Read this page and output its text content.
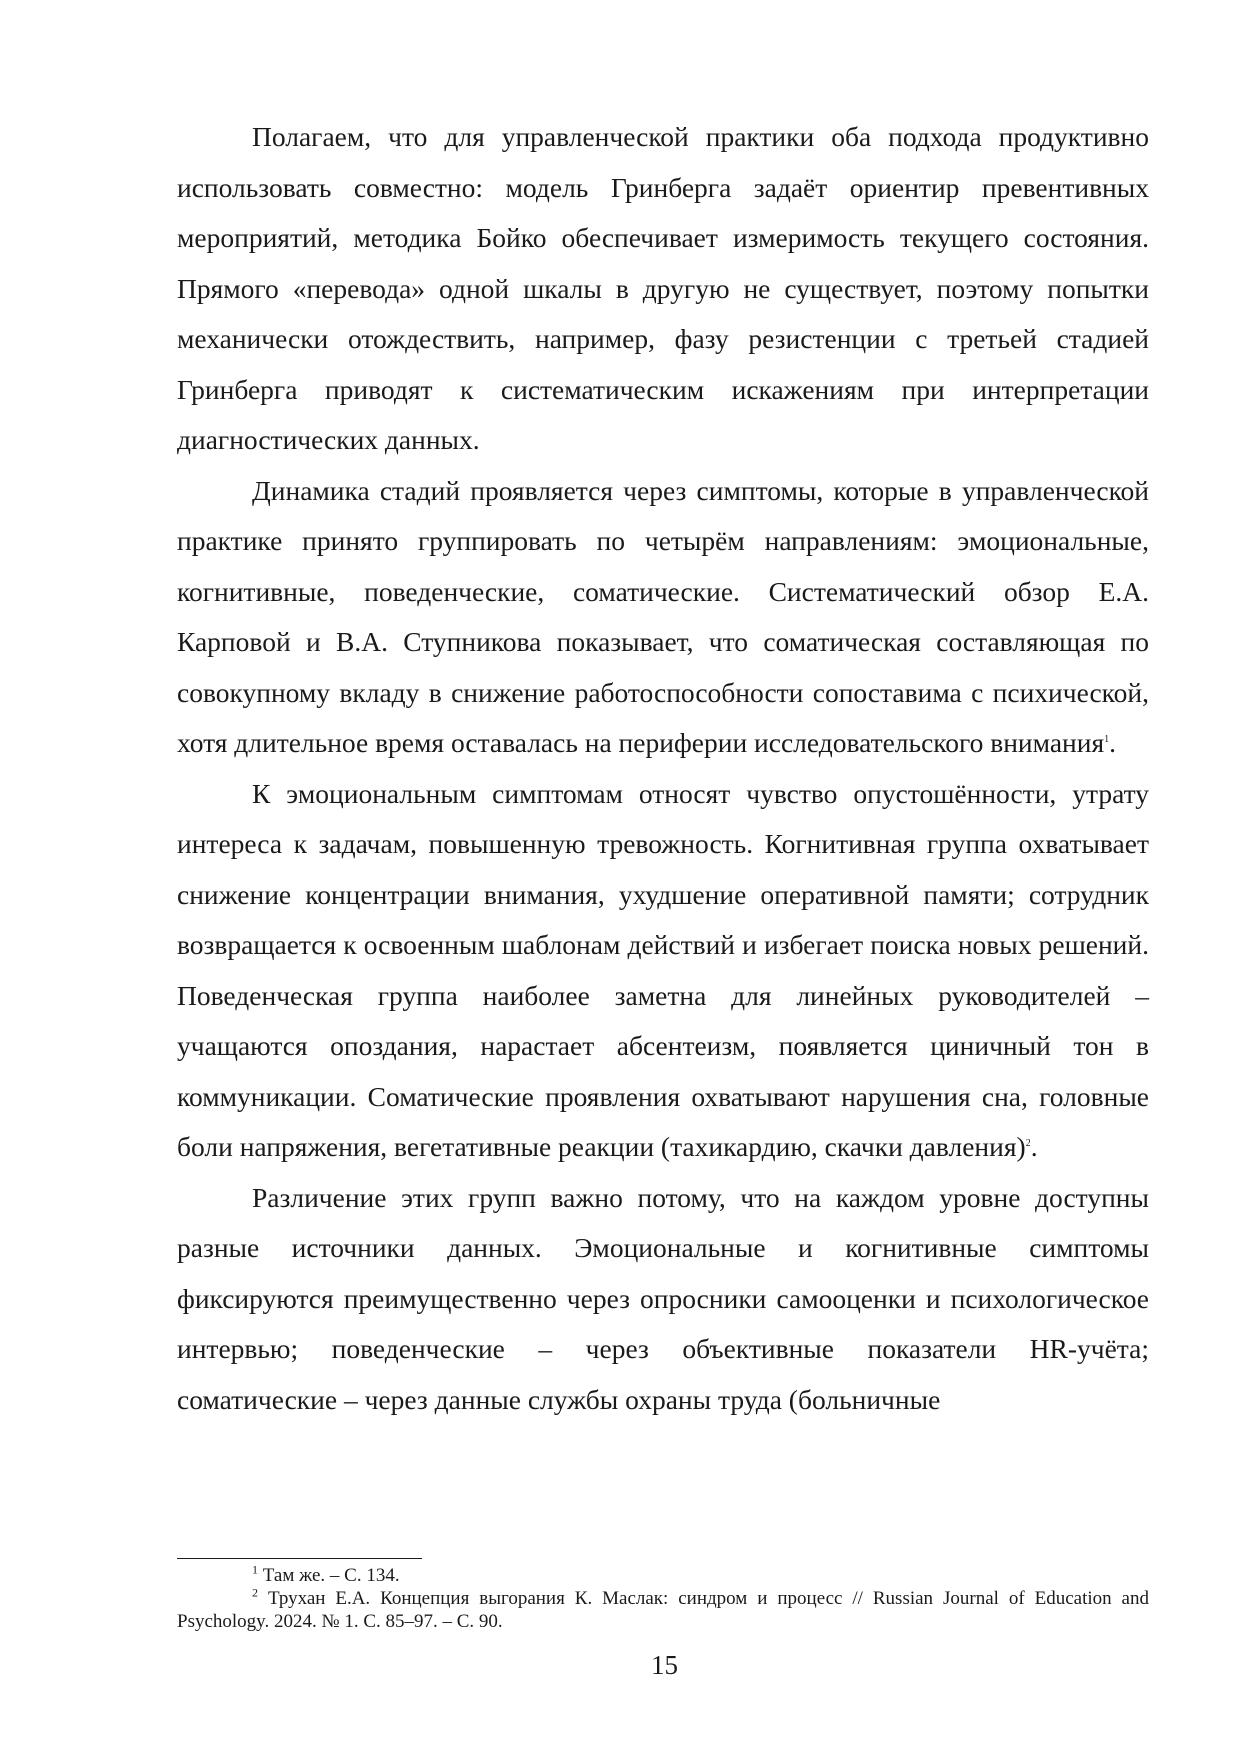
Полагаем, что для управленческой практики оба подхода продуктивно использовать совместно: модель Гринберга задаёт ориентир превентивных мероприятий, методика Бойко обеспечивает измеримость текущего состояния. Прямого «перевода» одной шкалы в другую не существует, поэтому попытки механически отождествить, например, фазу резистенции с третьей стадией Гринберга приводят к систематическим искажениям при интерпретации диагностических данных.

Динамика стадий проявляется через симптомы, которые в управленческой практике принято группировать по четырём направлениям: эмоциональные, когнитивные, поведенческие, соматические. Систематический обзор Е.А. Карповой и В.А. Ступникова показывает, что соматическая составляющая по совокупному вкладу в снижение работоспособности сопоставима с психической, хотя длительное время оставалась на периферии исследовательского внимания$^1$.

К эмоциональным симптомам относят чувство опустошённости, утрату интереса к задачам, повышенную тревожность. Когнитивная группа охватывает снижение концентрации внимания, ухудшение оперативной памяти; сотрудник возвращается к освоенным шаблонам действий и избегает поиска новых решений. Поведенческая группа наиболее заметна для линейных руководителей – учащаются опоздания, нарастает абсентеизм, появляется циничный тон в коммуникации. Соматические проявления охватывают нарушения сна, головные боли напряжения, вегетативные реакции (тахикардию, скачки давления)$^2$.

Различение этих групп важно потому, что на каждом уровне доступны разные источники данных. Эмоциональные и когнитивные симптомы фиксируются преимущественно через опросники самооценки и психологическое интервью; поведенческие – через объективные показатели HR-учёта; соматические – через данные службы охраны труда (больничные

$^1$ Там же. – С. 134.

$^2$ Трухан Е.А. Концепция выгорания К. Маслак: синдром и процесс // Russian Journal of Education and Psychology. 2024. № 1. С. 85–97. – С. 90.

15
